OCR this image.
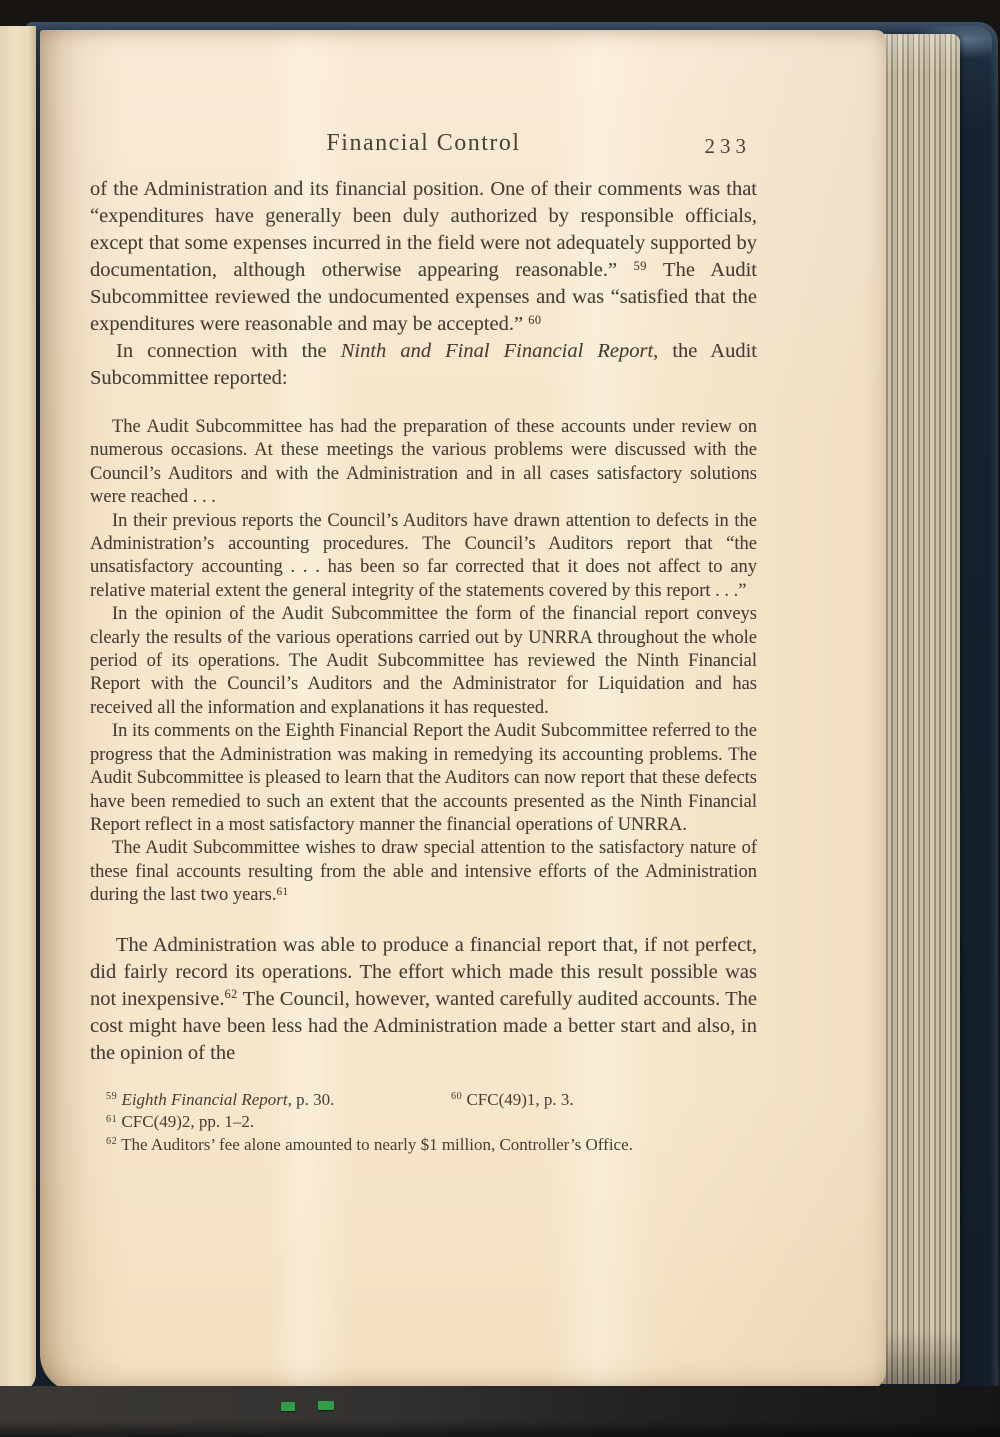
Financial Control	233

of the Administration and its financial position. One of their comments was that “expenditures have generally been duly authorized by responsible officials, except that some expenses incurred in the field were not adequately supported by documentation, although otherwise appearing reasonable.” $^{59}$ The Audit Subcommittee reviewed the undocumented expenses and was “satisfied that the expenditures were reasonable and may be accepted.” $^{60}$

In connection with the Ninth and Final Financial Report, the Audit Subcommittee reported:

The Audit Subcommittee has had the preparation of these accounts under review on numerous occasions. At these meetings the various problems were discussed with the Council’s Auditors and with the Administration and in all cases satisfactory solutions were reached . . .

In their previous reports the Council’s Auditors have drawn attention to defects in the Administration’s accounting procedures. The Council’s Auditors report that “the unsatisfactory accounting . . . has been so far corrected that it does not affect to any relative material extent the general integrity of the statements covered by this report . . .”

In the opinion of the Audit Subcommittee the form of the financial report conveys clearly the results of the various operations carried out by UNRRA throughout the whole period of its operations. The Audit Subcommittee has reviewed the Ninth Financial Report with the Council’s Auditors and the Administrator for Liquidation and has received all the information and explanations it has requested.

In its comments on the Eighth Financial Report the Audit Subcommittee referred to the progress that the Administration was making in remedying its accounting problems. The Audit Subcommittee is pleased to learn that the Auditors can now report that these defects have been remedied to such an extent that the accounts presented as the Ninth Financial Report reflect in a most satisfactory manner the financial operations of UNRRA.

The Audit Subcommittee wishes to draw special attention to the satisfactory nature of these final accounts resulting from the able and intensive efforts of the Administration during the last two years.$^{61}$

The Administration was able to produce a financial report that, if not perfect, did fairly record its operations. The effort which made this result possible was not inexpensive.$^{62}$ The Council, however, wanted carefully audited accounts. The cost might have been less had the Administration made a better start and also, in the opinion of the

$^{59}$ Eighth Financial Report, p. 30.	$^{60}$ CFC(49)1, p. 3.
$^{61}$ CFC(49)2, pp. 1–2.
$^{62}$ The Auditors’ fee alone amounted to nearly $1 million, Controller’s Office.
